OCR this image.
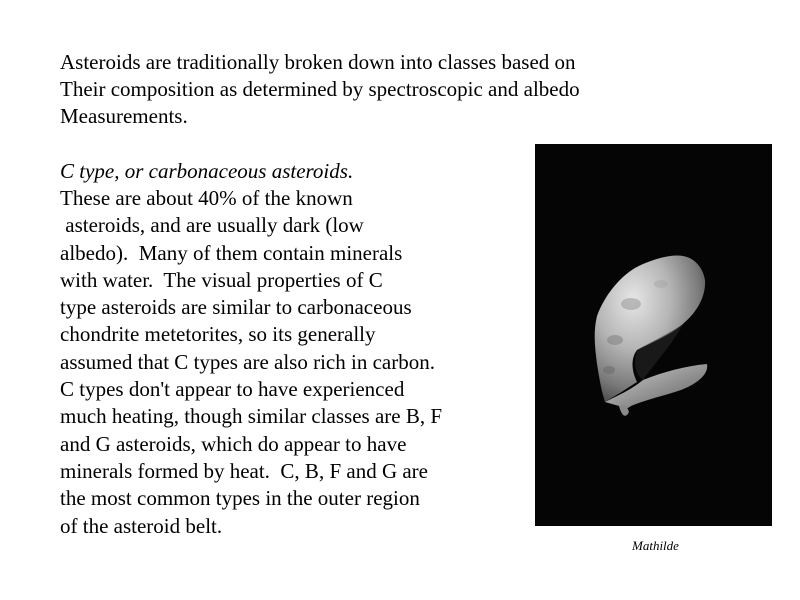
Asteroids are traditionally broken down into classes based on
Their composition as determined by spectroscopic and albedo
Measurements.

C type, or carbonaceous asteroids.

These are about 40% of the known
asteroids, and are usually dark (low
albedo).  Many of them contain minerals
with water.  The visual properties of C
type asteroids are similar to carbonaceous
chondrite metetorites, so its generally
assumed that C types are also rich in carbon.
C types don't appear to have experienced
much heating, though similar classes are B, F
and G asteroids, which do appear to have
minerals formed by heat.  C, B, F and G are
the most common types in the outer region
of the asteroid belt.

Mathilde
